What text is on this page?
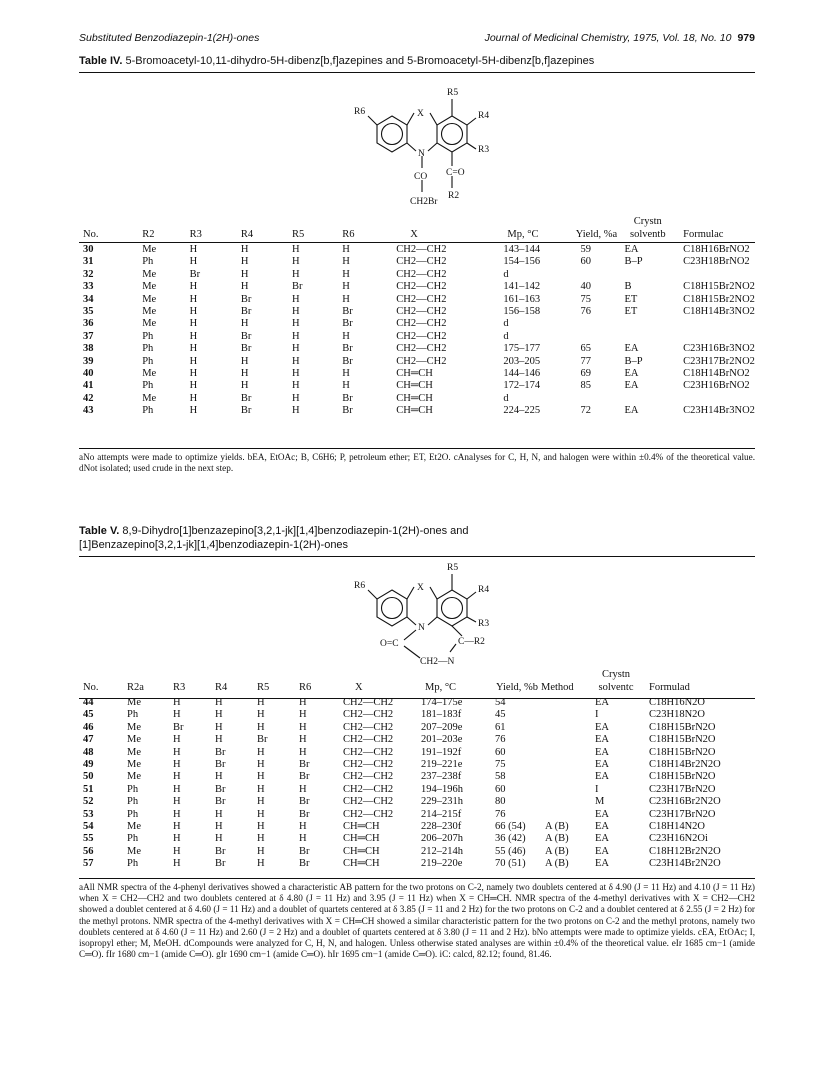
Substituted Benzodiazepin-1(2H)-ones	Journal of Medicinal Chemistry, 1975, Vol. 18, No. 10 979
Table IV. 5-Bromoacetyl-10,11-dihydro-5H-dibenz[b,f]azepines and 5-Bromoacetyl-5H-dibenz[b,f]azepines
R5
R6	R4
R3
X
N
C=O
CO
R2
CH2Br
No.	R2	R3	R4	R5	R6	X	Mp, °C	Yield, %a	Crystn solventb	Formulac
30	Me	H	H	H	H	CH2—CH2	143–144	59	EA	C18H16BrNO2
31	Ph	H	H	H	H	CH2—CH2	154–156	60	B–P	C23H18BrNO2
32	Me	Br	H	H	H	CH2—CH2	d			
33	Me	H	H	Br	H	CH2—CH2	141–142	40	B	C18H15Br2NO2
34	Me	H	Br	H	H	CH2—CH2	161–163	75	ET	C18H15Br2NO2
35	Me	H	Br	H	Br	CH2—CH2	156–158	76	ET	C18H14Br3NO2
36	Me	H	H	H	Br	CH2—CH2	d			
37	Ph	H	Br	H	H	CH2—CH2	d			
38	Ph	H	Br	H	Br	CH2—CH2	175–177	65	EA	C23H16Br3NO2
39	Ph	H	H	H	Br	CH2—CH2	203–205	77	B–P	C23H17Br2NO2
40	Me	H	H	H	H	CH═CH	144–146	69	EA	C18H14BrNO2
41	Ph	H	H	H	H	CH═CH	172–174	85	EA	C23H16BrNO2
42	Me	H	Br	H	Br	CH═CH	d			
43	Ph	H	Br	H	Br	CH═CH	224–225	72	EA	C23H14Br3NO2
aNo attempts were made to optimize yields. bEA, EtOAc; B, C6H6; P, petroleum ether; ET, Et2O. cAnalyses for C, H, N, and halogen were within ±0.4% of the theoretical value. dNot isolated; used crude in the next step.
Table V. 8,9-Dihydro[1]benzazepino[3,2,1-jk][1,4]benzodiazepin-1(2H)-ones and
[1]Benzazepino[3,2,1-jk][1,4]benzodiazepin-1(2H)-ones
R5
R6	R4
R3
X
N
O=C	C—R2
CH2—N
No.	R2a	R3	R4	R5	R6	X	Mp, °C	Yield, %b	Method	Crystn solventc	Formulad
44	Me	H	H	H	H	CH2—CH2	174–175e	54		EA	C18H16N2O
45	Ph	H	H	H	H	CH2—CH2	181–183f	45		I	C23H18N2O
46	Me	Br	H	H	H	CH2—CH2	207–209e	61		EA	C18H15BrN2O
47	Me	H	H	Br	H	CH2—CH2	201–203e	76		EA	C18H15BrN2O
48	Me	H	Br	H	H	CH2—CH2	191–192f	60		EA	C18H15BrN2O
49	Me	H	Br	H	Br	CH2—CH2	219–221e	75		EA	C18H14Br2N2O
50	Me	H	H	H	Br	CH2—CH2	237–238f	58		EA	C18H15BrN2O
51	Ph	H	Br	H	H	CH2—CH2	194–196h	60		I	C23H17BrN2O
52	Ph	H	Br	H	Br	CH2—CH2	229–231h	80		M	C23H16Br2N2O
53	Ph	H	H	H	Br	CH2—CH2	214–215f	76		EA	C23H17BrN2O
54	Me	H	H	H	H	CH═CH	228–230f	66 (54)	A (B)	EA	C18H14N2O
55	Ph	H	H	H	H	CH═CH	206–207h	36 (42)	A (B)	EA	C23H16N2Oi
56	Me	H	Br	H	Br	CH═CH	212–214h	55 (46)	A (B)	EA	C18H12Br2N2O
57	Ph	H	Br	H	Br	CH═CH	219–220e	70 (51)	A (B)	EA	C23H14Br2N2O
aAll NMR spectra of the 4-phenyl derivatives showed a characteristic AB pattern for the two protons on C-2, namely two doublets centered at δ 4.90 (J = 11 Hz) and 4.10 (J = 11 Hz) when X = CH2—CH2 and two doublets centered at δ 4.80 (J = 11 Hz) and 3.95 (J = 11 Hz) when X = CH═CH. NMR spectra of the 4-methyl derivatives with X = CH2—CH2 showed a doublet centered at δ 4.60 (J = 11 Hz) and a doublet of quartets centered at δ 3.85 (J = 11 and 2 Hz) for the two protons on C-2 and a doublet centered at δ 2.55 (J = 2 Hz) for the methyl protons. NMR spectra of the 4-methyl derivatives with X = CH═CH showed a similar characteristic pattern for the two protons on C-2 and the methyl protons, namely two doublets centered at δ 4.60 (J = 11 Hz) and 2.60 (J = 2 Hz) and a doublet of quartets centered at δ 3.80 (J = 11 and 2 Hz). bNo attempts were made to optimize yields. cEA, EtOAc; I, isopropyl ether; M, MeOH. dCompounds were analyzed for C, H, N, and halogen. Unless otherwise stated analyses are within ±0.4% of the theoretical value. eIr 1685 cm−1 (amide C═O). fIr 1680 cm−1 (amide C═O). gIr 1690 cm−1 (amide C═O). hIr 1695 cm−1 (amide C═O). iC: calcd, 82.12; found, 81.46.
